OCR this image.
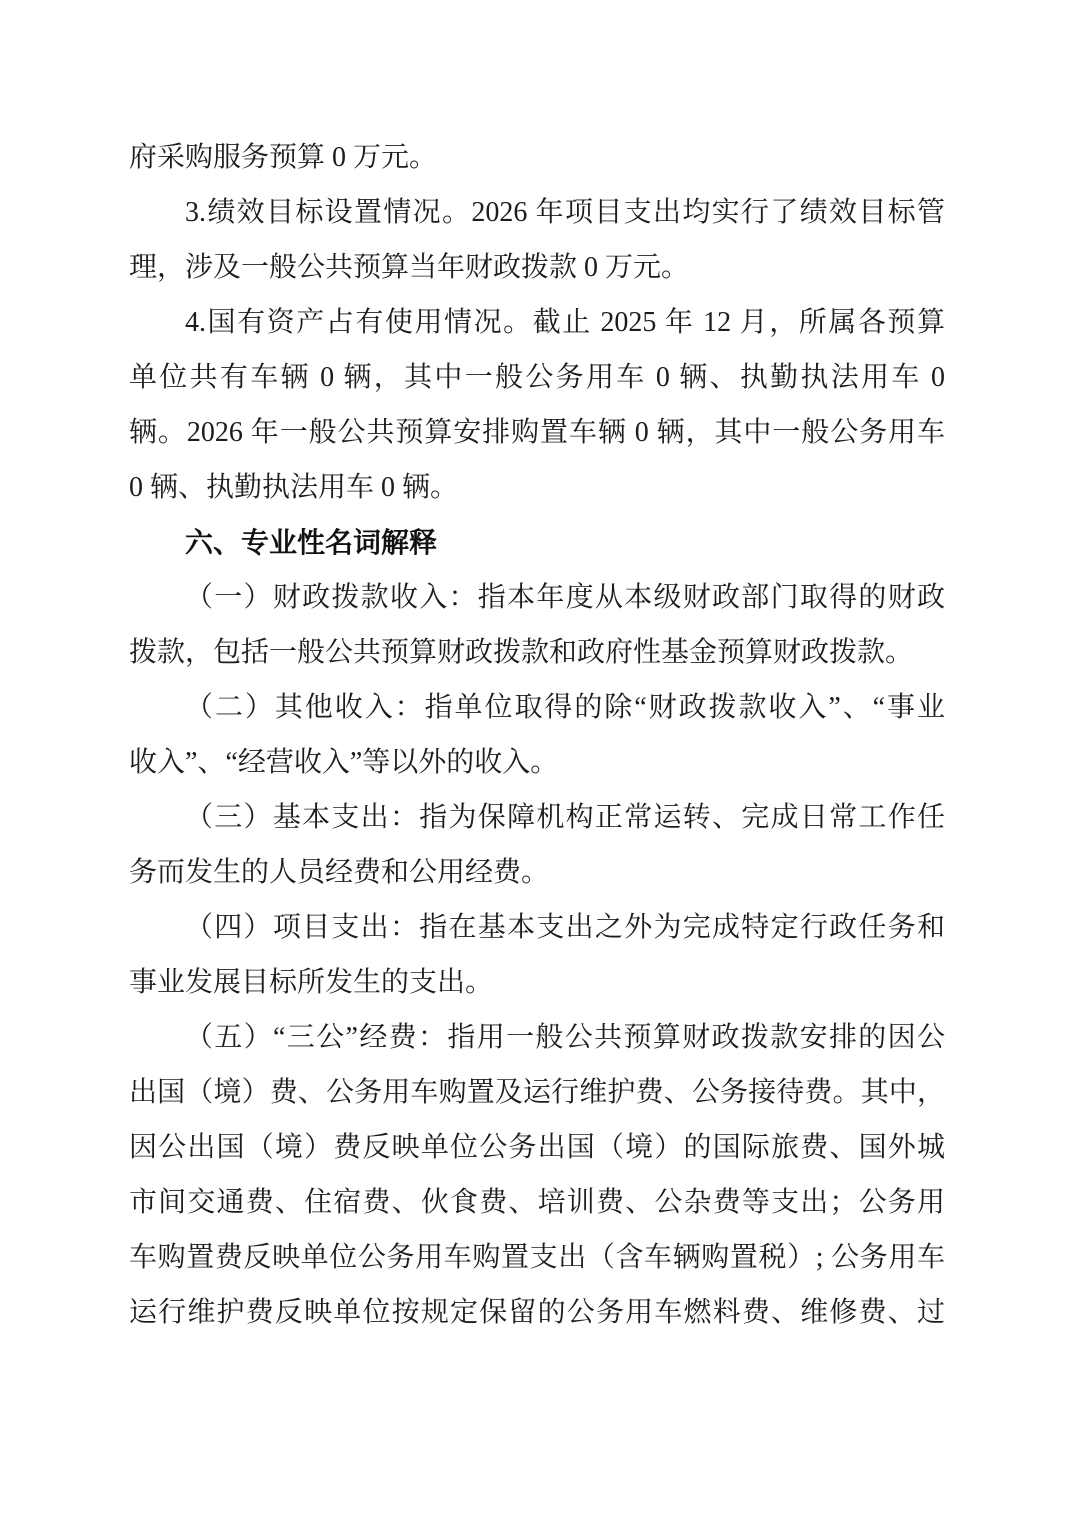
府采购服务预算 0 万元。
3.绩效目标设置情况。2026 年项目支出均实行了绩效目标管
理，涉及一般公共预算当年财政拨款 0 万元。
4.国有资产占有使用情况。截止 2025 年 12 月，所属各预算
单位共有车辆 0 辆，其中一般公务用车 0 辆、执勤执法用车 0
辆。2026 年一般公共预算安排购置车辆 0 辆，其中一般公务用车
0 辆、执勤执法用车 0 辆。
六、专业性名词解释
（一）财政拨款收入：指本年度从本级财政部门取得的财政
拨款，包括一般公共预算财政拨款和政府性基金预算财政拨款。
（二）其他收入：指单位取得的除“财政拨款收入”、“事业
收入”、“经营收入”等以外的收入。
（三）基本支出：指为保障机构正常运转、完成日常工作任
务而发生的人员经费和公用经费。
（四）项目支出：指在基本支出之外为完成特定行政任务和
事业发展目标所发生的支出。
（五）“三公”经费：指用一般公共预算财政拨款安排的因公
出国（境）费、公务用车购置及运行维护费、公务接待费。其中，
因公出国（境）费反映单位公务出国（境）的国际旅费、国外城
市间交通费、住宿费、伙食费、培训费、公杂费等支出；公务用
车购置费反映单位公务用车购置支出（含车辆购置税）; 公务用车
运行维护费反映单位按规定保留的公务用车燃料费、维修费、过
